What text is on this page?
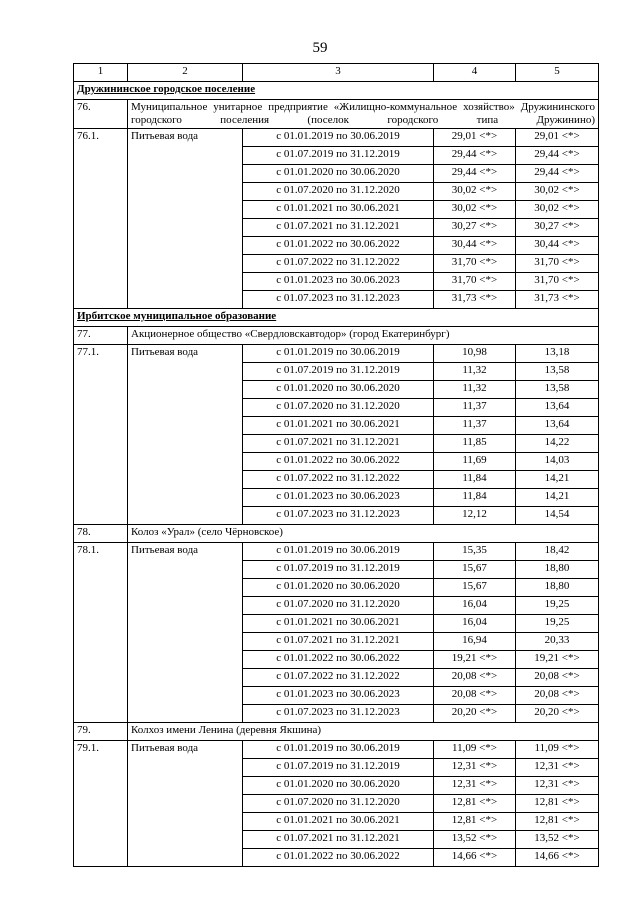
59
1	2	3	4	5
Дружининское городское поселение				
76.	Муниципальное унитарное предприятие «Жилищно-коммунальное хозяйство» Дружининского городского поселения (поселок городского типа Дружинино)			
76.1.	Питьевая вода	с 01.01.2019 по 30.06.2019	29,01 <*>	29,01 <*>
		с 01.07.2019 по 31.12.2019	29,44 <*>	29,44 <*>
		с 01.01.2020 по 30.06.2020	29,44 <*>	29,44 <*>
		с 01.07.2020 по 31.12.2020	30,02 <*>	30,02 <*>
		с 01.01.2021 по 30.06.2021	30,02 <*>	30,02 <*>
		с 01.07.2021 по 31.12.2021	30,27 <*>	30,27 <*>
		с 01.01.2022 по 30.06.2022	30,44 <*>	30,44 <*>
		с 01.07.2022 по 31.12.2022	31,70 <*>	31,70 <*>
		с 01.01.2023 по 30.06.2023	31,70 <*>	31,70 <*>
		с 01.07.2023 по 31.12.2023	31,73 <*>	31,73 <*>
Ирбитское муниципальное образование				
77.	Акционерное общество «Свердловскавтодор» (город Екатеринбург)			
77.1.	Питьевая вода	с 01.01.2019 по 30.06.2019	10,98	13,18
		с 01.07.2019 по 31.12.2019	11,32	13,58
		с 01.01.2020 по 30.06.2020	11,32	13,58
		с 01.07.2020 по 31.12.2020	11,37	13,64
		с 01.01.2021 по 30.06.2021	11,37	13,64
		с 01.07.2021 по 31.12.2021	11,85	14,22
		с 01.01.2022 по 30.06.2022	11,69	14,03
		с 01.07.2022 по 31.12.2022	11,84	14,21
		с 01.01.2023 по 30.06.2023	11,84	14,21
		с 01.07.2023 по 31.12.2023	12,12	14,54
78.	Колоз «Урал» (село Чёрновское)			
78.1.	Питьевая вода	с 01.01.2019 по 30.06.2019	15,35	18,42
		с 01.07.2019 по 31.12.2019	15,67	18,80
		с 01.01.2020 по 30.06.2020	15,67	18,80
		с 01.07.2020 по 31.12.2020	16,04	19,25
		с 01.01.2021 по 30.06.2021	16,04	19,25
		с 01.07.2021 по 31.12.2021	16,94	20,33
		с 01.01.2022 по 30.06.2022	19,21 <*>	19,21 <*>
		с 01.07.2022 по 31.12.2022	20,08 <*>	20,08 <*>
		с 01.01.2023 по 30.06.2023	20,08 <*>	20,08 <*>
		с 01.07.2023 по 31.12.2023	20,20 <*>	20,20 <*>
79.	Колхоз имени Ленина (деревня Якшина)			
79.1.	Питьевая вода	с 01.01.2019 по 30.06.2019	11,09 <*>	11,09 <*>
		с 01.07.2019 по 31.12.2019	12,31 <*>	12,31 <*>
		с 01.01.2020 по 30.06.2020	12,31 <*>	12,31 <*>
		с 01.07.2020 по 31.12.2020	12,81 <*>	12,81 <*>
		с 01.01.2021 по 30.06.2021	12,81 <*>	12,81 <*>
		с 01.07.2021 по 31.12.2021	13,52 <*>	13,52 <*>
		с 01.01.2022 по 30.06.2022	14,66 <*>	14,66 <*>
